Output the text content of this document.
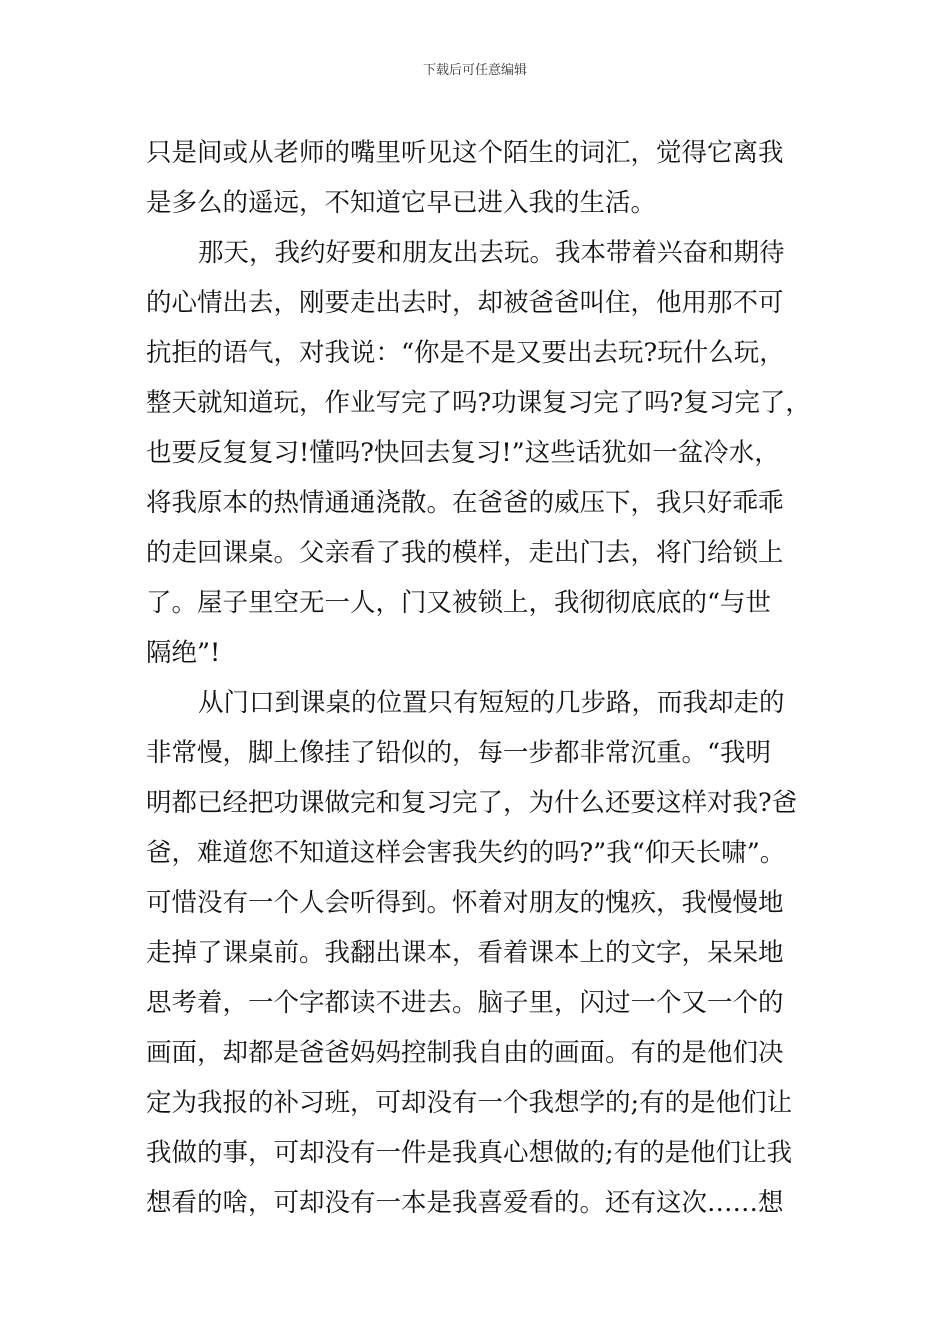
下载后可任意编辑
只是间或从老师的嘴里听见这个陌生的词汇，觉得它离我
是多么的遥远，不知道它早已进入我的生活。
那天，我约好要和朋友出去玩。我本带着兴奋和期待
的心情出去，刚要走出去时，却被爸爸叫住，他用那不可
抗拒的语气，对我说：“你是不是又要出去玩?玩什么玩，
整天就知道玩，作业写完了吗?功课复习完了吗?复习完了，
也要反复复习!懂吗?快回去复习!”这些话犹如一盆冷水，
将我原本的热情通通浇散。在爸爸的威压下，我只好乖乖
的走回课桌。父亲看了我的模样，走出门去，将门给锁上
了。屋子里空无一人，门又被锁上，我彻彻底底的“与世
隔绝”!
从门口到课桌的位置只有短短的几步路，而我却走的
非常慢，脚上像挂了铅似的，每一步都非常沉重。“我明
明都已经把功课做完和复习完了，为什么还要这样对我?爸
爸，难道您不知道这样会害我失约的吗?”我“仰天长啸”。
可惜没有一个人会听得到。怀着对朋友的愧疚，我慢慢地
走掉了课桌前。我翻出课本，看着课本上的文字，呆呆地
思考着，一个字都读不进去。脑子里，闪过一个又一个的
画面，却都是爸爸妈妈控制我自由的画面。有的是他们决
定为我报的补习班，可却没有一个我想学的;有的是他们让
我做的事，可却没有一件是我真心想做的;有的是他们让我
想看的啥，可却没有一本是我喜爱看的。还有这次……想
